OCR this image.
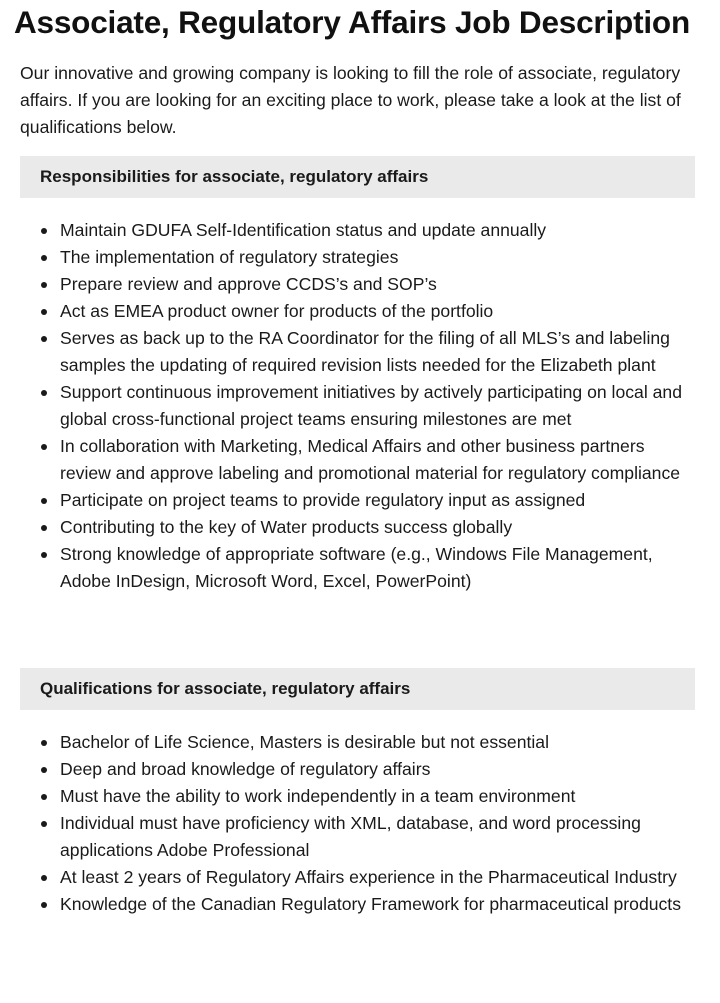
Associate, Regulatory Affairs Job Description

Our innovative and growing company is looking to fill the role of associate, regulatory affairs. If you are looking for an exciting place to work, please take a look at the list of qualifications below.

Responsibilities for associate, regulatory affairs
Maintain GDUFA Self-Identification status and update annually
The implementation of regulatory strategies
Prepare review and approve CCDS’s and SOP’s
Act as EMEA product owner for products of the portfolio
Serves as back up to the RA Coordinator for the filing of all MLS’s and labeling samples the updating of required revision lists needed for the Elizabeth plant
Support continuous improvement initiatives by actively participating on local and global cross-functional project teams ensuring milestones are met
In collaboration with Marketing, Medical Affairs and other business partners review and approve labeling and promotional material for regulatory compliance
Participate on project teams to provide regulatory input as assigned
Contributing to the key of Water products success globally
Strong knowledge of appropriate software (e.g., Windows File Management, Adobe InDesign, Microsoft Word, Excel, PowerPoint)
Qualifications for associate, regulatory affairs
Bachelor of Life Science, Masters is desirable but not essential
Deep and broad knowledge of regulatory affairs
Must have the ability to work independently in a team environment
Individual must have proficiency with XML, database, and word processing applications Adobe Professional
At least 2 years of Regulatory Affairs experience in the Pharmaceutical Industry
Knowledge of the Canadian Regulatory Framework for pharmaceutical products
